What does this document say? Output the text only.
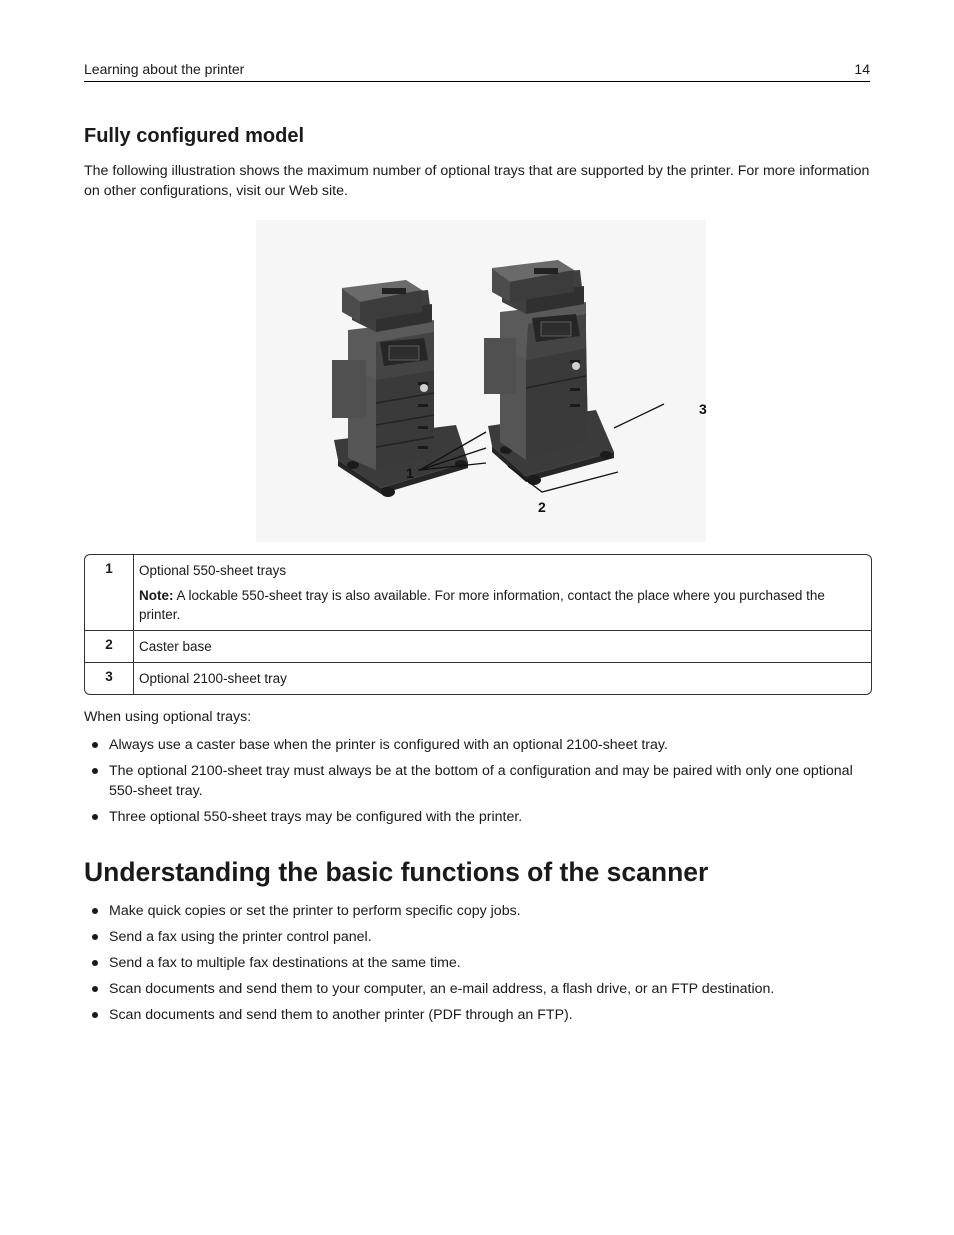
Learning about the printer	14
Fully configured model

The following illustration shows the maximum number of optional trays that are supported by the printer. For more information on other configurations, visit our Web site.

1
2
3
1	Optional 550-sheet trays

Note: A lockable 550-sheet tray is also available. For more information, contact the place where you purchased the printer.

2	Caster base

3	Optional 2100-sheet tray

When using optional trays:

Always use a caster base when the printer is configured with an optional 2100-sheet tray.
The optional 2100-sheet tray must always be at the bottom of a configuration and may be paired with only one optional 550-sheet tray.
Three optional 550-sheet trays may be configured with the printer.
Understanding the basic functions of the scanner
Make quick copies or set the printer to perform specific copy jobs.
Send a fax using the printer control panel.
Send a fax to multiple fax destinations at the same time.
Scan documents and send them to your computer, an e-mail address, a flash drive, or an FTP destination.
Scan documents and send them to another printer (PDF through an FTP).
